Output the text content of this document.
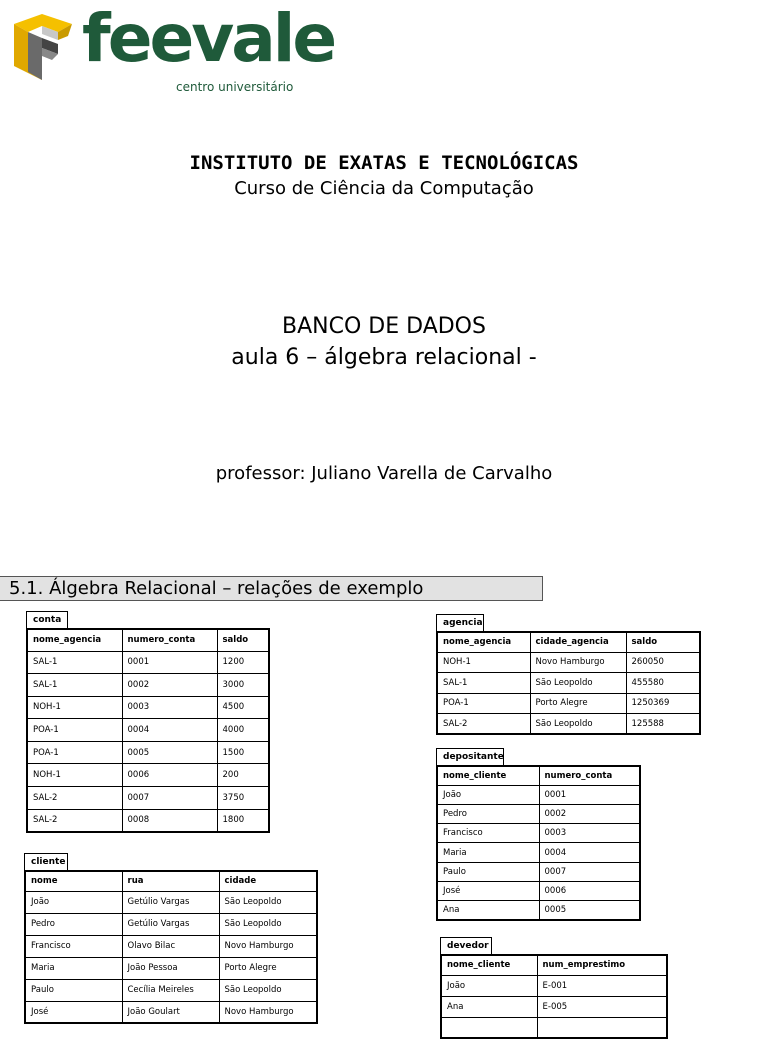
feevale
centro universitário
INSTITUTO DE EXATAS E TECNOLÓGICAS
Curso de Ciência da Computação
BANCO DE DADOS
aula 6 – álgebra relacional -
professor: Juliano Varella de Carvalho
5.1. Álgebra Relacional – relações de exemplo
conta
nome_agencia	numero_conta	saldo
SAL-1	0001	1200
SAL-1	0002	3000
NOH-1	0003	4500
POA-1	0004	4000
POA-1	0005	1500
NOH-1	0006	200
SAL-2	0007	3750
SAL-2	0008	1800
cliente
nome	rua	cidade
João	Getúlio Vargas	São Leopoldo
Pedro	Getúlio Vargas	São Leopoldo
Francisco	Olavo Bilac	Novo Hamburgo
Maria	João Pessoa	Porto Alegre
Paulo	Cecília Meireles	São Leopoldo
José	João Goulart	Novo Hamburgo
agencia
nome_agencia	cidade_agencia	saldo
NOH-1	Novo Hamburgo	260050
SAL-1	São Leopoldo	455580
POA-1	Porto Alegre	1250369
SAL-2	São Leopoldo	125588
depositante
nome_cliente	numero_conta
João	0001
Pedro	0002
Francisco	0003
Maria	0004
Paulo	0007
José	0006
Ana	0005
devedor
nome_cliente	num_emprestimo
João	E-001
Ana	E-005
